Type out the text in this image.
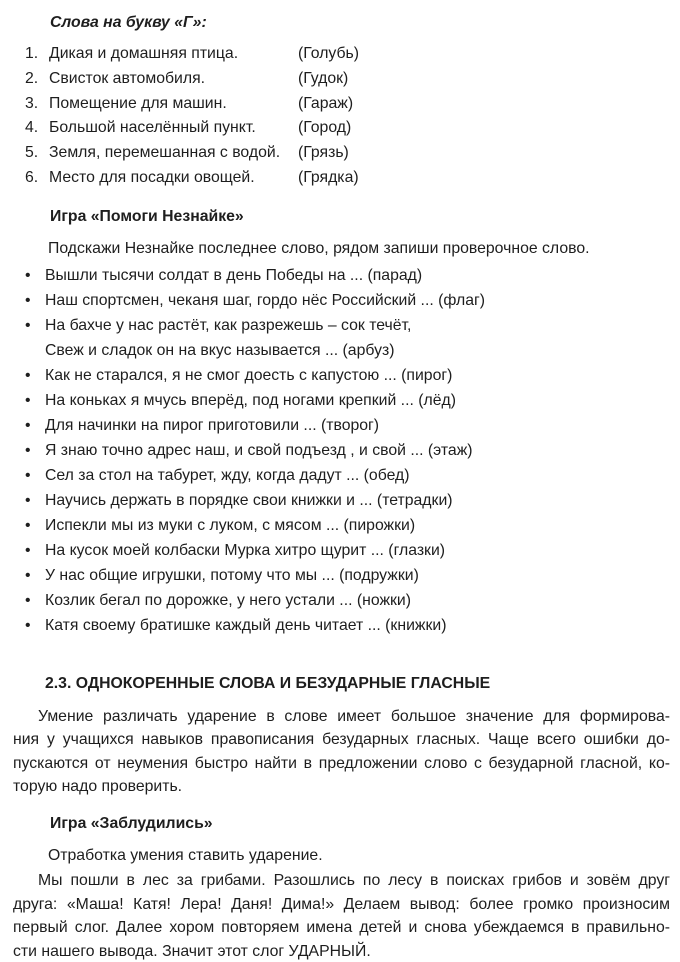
Слова на букву «Г»:
1. Дикая и домашняя птица.	(Голубь)
2. Свисток автомобиля.	(Гудок)
3. Помещение для машин.	(Гараж)
4. Большой населённый пункт.	(Город)
5. Земля, перемешанная с водой.	(Грязь)
6. Место для посадки овощей.	(Грядка)
Игра «Помоги Незнайке»
Подскажи Незнайке последнее слово, рядом запиши проверочное слово.
• Вышли тысячи солдат в день Победы на ... (парад)
• Наш спортсмен, чеканя шаг, гордо нёс Российский ... (флаг)
• На бахче у нас растёт, как разрежешь – сок течёт,
Свеж и сладок он на вкус называется ... (арбуз)
• Как не старался, я не смог доесть с капустою ... (пирог)
• На коньках я мчусь вперёд, под ногами крепкий ... (лёд)
• Для начинки на пирог приготовили ... (творог)
• Я знаю точно адрес наш, и свой подъезд , и свой ... (этаж)
• Сел за стол на табурет, жду, когда дадут ... (обед)
• Научись держать в порядке свои книжки и ... (тетрадки)
• Испекли мы из муки с луком, с мясом ... (пирожки)
• На кусок моей колбаски Мурка хитро щурит ... (глазки)
• У нас общие игрушки, потому что мы ... (подружки)
• Козлик бегал по дорожке, у него устали ... (ножки)
• Катя своему братишке каждый день читает ... (книжки)
2.3. ОДНОКОРЕННЫЕ СЛОВА И БЕЗУДАРНЫЕ ГЛАСНЫЕ
Умение различать ударение в слове имеет большое значение для формирова-
ния у учащихся навыков правописания безударных гласных. Чаще всего ошибки до-
пускаются от неумения быстро найти в предложении слово с безударной гласной, ко-
торую надо проверить.
Игра «Заблудились»
Отработка умения ставить ударение.
Мы пошли в лес за грибами. Разошлись по лесу в поисках грибов и зовём друг
друга: «Маша! Катя! Лера! Даня! Дима!» Делаем вывод: более громко произносим
первый слог. Далее хором повторяем имена детей и снова убеждаемся в правильно-
сти нашего вывода. Значит этот слог УДАРНЫЙ.
